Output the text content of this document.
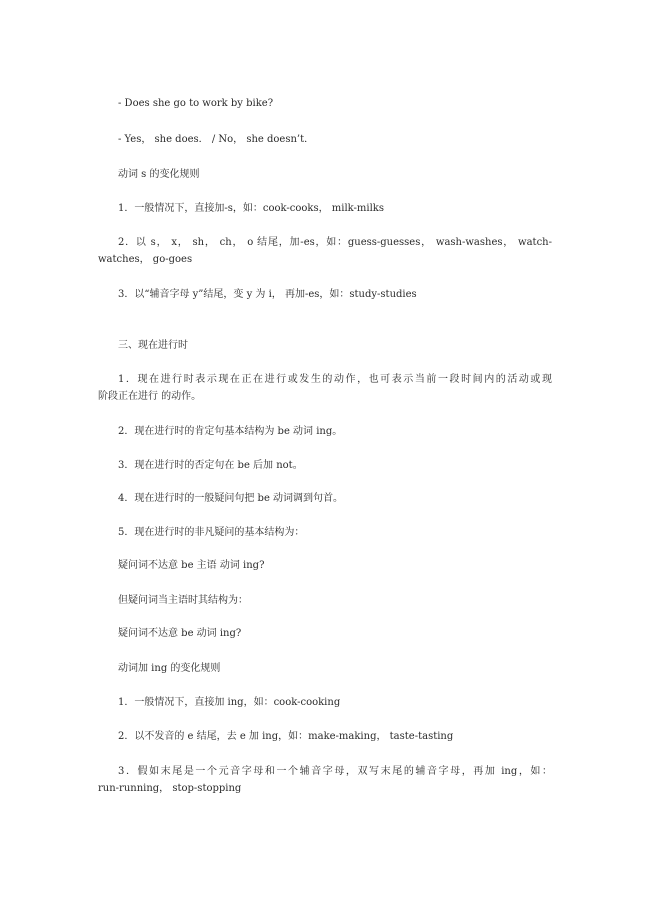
- Does she go to work by bike?
- Yes， she does． / No， she doesn’t．
动词 s 的变化规则
1．一般情况下，直接加-s，如：cook-cooks， milk-milks
2．以 s， x， sh， ch， o 结尾，加-es，如：guess-guesses， wash-washes， watch-
watches， go-goes
3．以“辅音字母 y”结尾，变 y 为 i， 再加-es，如：study-studies
三、现在进行时
1．现在进行时表示现在正在进行或发生的动作，也可表示当前一段时间内的活动或现
阶段正在进行 的动作。
2．现在进行时的肯定句基本结构为 be 动词 ing。
3．现在进行时的否定句在 be 后加 not。
4．现在进行时的一般疑问句把 be 动词调到句首。
5．现在进行时的非凡疑问的基本结构为：
疑问词不达意 be 主语 动词 ing?
但疑问词当主语时其结构为：
疑问词不达意 be 动词 ing?
动词加 ing 的变化规则
1．一般情况下，直接加 ing，如：cook-cooking
2．以不发音的 e 结尾，去 e 加 ing，如：make-making， taste-tasting
3．假如末尾是一个元音字母和一个辅音字母，双写末尾的辅音字母，再加 ing，如：
run-running， stop-stopping
